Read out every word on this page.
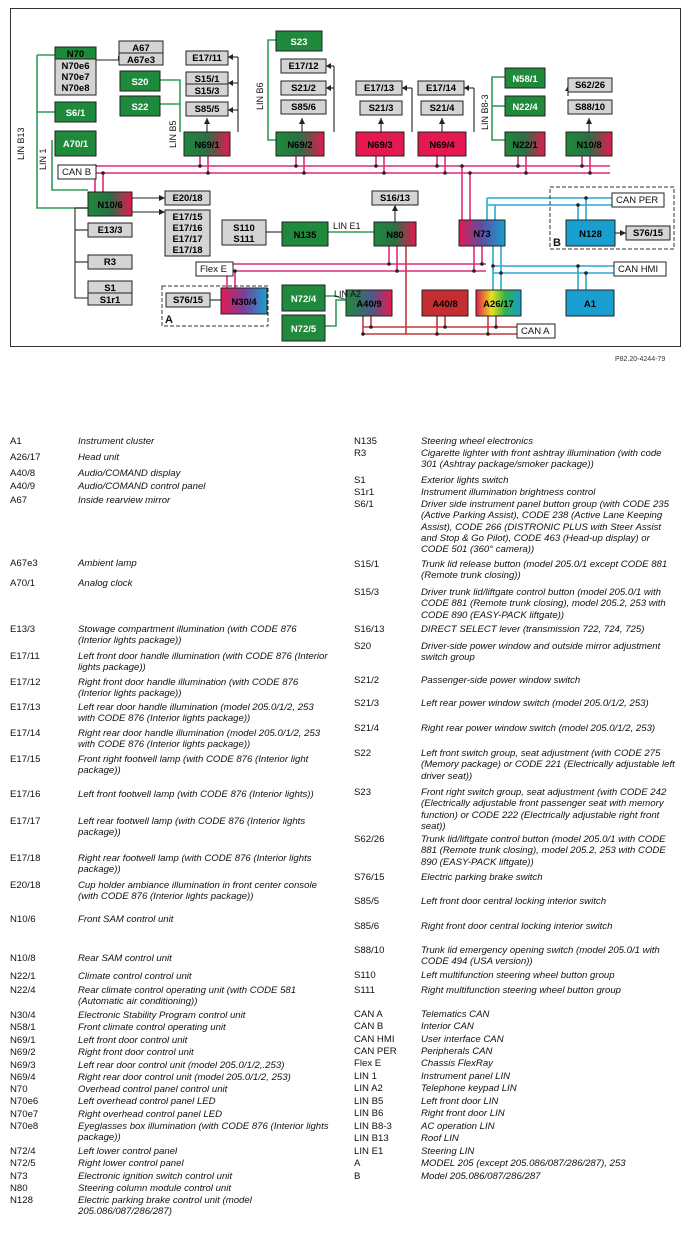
A
B
N70
N70e6
N70e7
N70e8
A67
A67e3	E17/11
S23
E17/12
S21/2
S85/6
E17/13
S21/3
E17/14
S21/4
N58/1
N22/4
S62/26
S88/10
S20
S22
S15/1
S15/3
S85/5
S6/1
A70/1	N69/1	N69/2	N69/3	N69/4	N22/1	N10/8
N10/6
E20/18
E17/15
E17/16
E17/17
E17/18
E13/3
R3
S1
S1r1
S110
S111	N135	N80
S16/13
N73	N128	S76/15
S76/15	N30/4	N72/4
N72/5
A40/9	A40/8	A26/17	A1
CAN B
CAN PER
CAN HMI
CAN A
Flex E
LIN B13 LIN 1
LIN B5
LIN B6	LIN B8-3
LIN E1
LIN A2
P82.20-4244-79
A1	Instrument cluster
A26/17	Head unit
A40/8	Audio/COMAND display
A40/9	Audio/COMAND control panel
A67	Inside rearview mirror
A67e3	Ambient lamp
A70/1	Analog clock
E13/3	Stowage compartment illumination (with CODE 876 (Interior lights package))
E17/11	Left front door handle illumination (with CODE 876 (Interior lights package))
E17/12	Right front door handle illumination (with CODE 876 (Interior lights package))
E17/13	Left rear door handle illumination (model 205.0/1/2, 253 with CODE 876 (Interior lights package))
E17/14	Right rear door handle illumination (model 205.0/1/2, 253 with CODE 876 (Interior lights package))
E17/15	Front right footwell lamp (with CODE 876 (Interior light package))
E17/16	Left front footwell lamp (with CODE 876 (Interior lights))
E17/17	Left rear footwell lamp (with CODE 876 (Interior lights package))
E17/18	Right rear footwell lamp (with CODE 876 (Interior lights package))
E20/18	Cup holder ambiance illumination in front center console (with CODE 876 (Interior lights package))
N10/6	Front SAM control unit
N10/8	Rear SAM control unit
N22/1	Climate control control unit
N22/4	Rear climate control operating unit (with CODE 581 (Automatic air conditioning))
N30/4	Electronic Stability Program control unit
N58/1	Front climate control operating unit
N69/1	Left front door control unit
N69/2	Right front door control unit
N69/3	Left rear door control unit (model 205.0/1/2,.253)
N69/4	Right rear door control unit (model 205.0/1/2, 253)
N70	Overhead control panel control unit
N70e6	Left overhead control panel LED
N70e7	Right overhead control panel LED
N70e8	Eyeglasses box illumination (with CODE 876 (Interior lights package))
N72/4	Left lower control panel
N72/5	Right lower control panel
N73	Electronic ignition switch control unit
N80	Steering column module control unit
N128	Electric parking brake control unit (model 205.086/087/286/287)
N135	Steering wheel electronics
R3	Cigarette lighter with front ashtray illumination (with code 301 (Ashtray package/smoker package))
S1	Exterior lights switch
S1r1	Instrument illumination brightness control
S6/1	Driver side instrument panel button group (with CODE 235 (Active Parking Assist), CODE 238 (Active Lane Keeping Assist), CODE 266 (DISTRONIC PLUS with Steer Assist and Stop & Go Pilot), CODE 463 (Head-up display) or CODE 501 (360° camera))
S15/1	Trunk lid release button (model 205.0/1 except CODE 881 (Remote trunk closing))
S15/3	Driver trunk lid/liftgate control button (model 205.0/1 with CODE 881 (Remote trunk closing), model 205.2, 253 with CODE 890 (EASY-PACK liftgate))
S16/13	DIRECT SELECT lever (transmission 722, 724, 725)
S20	Driver-side power window and outside mirror adjustment switch group
S21/2	Passenger-side power window switch
S21/3	Left rear power window switch (model 205.0/1/2, 253)
S21/4	Right rear power window switch (model 205.0/1/2, 253)
S22	Left front switch group, seat adjustment (with CODE 275 (Memory package) or CODE 221 (Electrically adjustable left driver seat))
S23	Front right switch group, seat adjustment (with CODE 242 (Electrically adjustable front passenger seat with memory function) or CODE 222 (Electrically adjustable right front seat))
S62/26	Trunk lid/liftgate control button (model 205.0/1 with CODE 881 (Remote trunk closing), model 205.2, 253 with CODE 890 (EASY-PACK liftgate))
S76/15	Electric parking brake switch
S85/5	Left front door central locking interior switch
S85/6	Right front door central locking interior switch
S88/10	Trunk lid emergency opening switch (model 205.0/1 with CODE 494 (USA version))
S110	Left multifunction steering wheel button group
S111	Right multifunction steering wheel button group
CAN A	Telematics CAN
CAN B	Interior CAN
CAN HMI	User interface CAN
CAN PER	Peripherals CAN
Flex E	Chassis FlexRay
LIN 1	Instrument panel LIN
LIN A2	Telephone keypad LIN
LIN B5	Left front door LIN
LIN B6	Right front door LIN
LIN B8-3	AC operation LIN
LIN B13	Roof LIN
LIN E1	Steering LIN
A	MODEL 205 (except 205.086/087/286/287), 253
B	Model 205.086/087/286/287
